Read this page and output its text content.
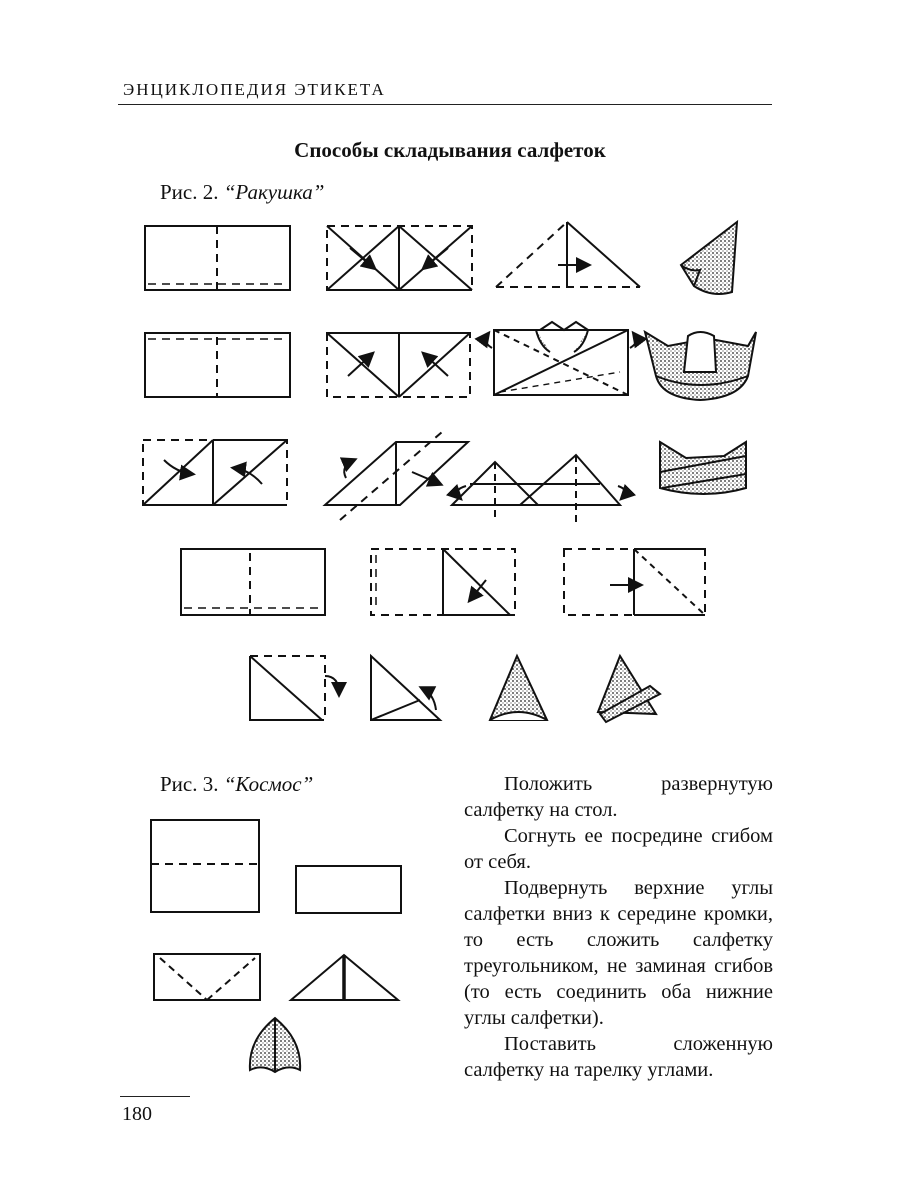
ЭНЦИКЛОПЕДИЯ ЭТИКЕТА
Способы складывания салфеток
Рис. 2. “Ракушка”
Рис. 3. “Космос”	Положить развернутую салфетку на стол.

Согнуть ее посредине сгибом от себя.

Подвернуть верхние углы салфетки вниз к середине кромки, то есть сложить салфетку треугольником, не заминая сгибов (то есть соединить оба нижние углы салфетки).

Поставить сложенную салфетку на тарелку углами.

180
